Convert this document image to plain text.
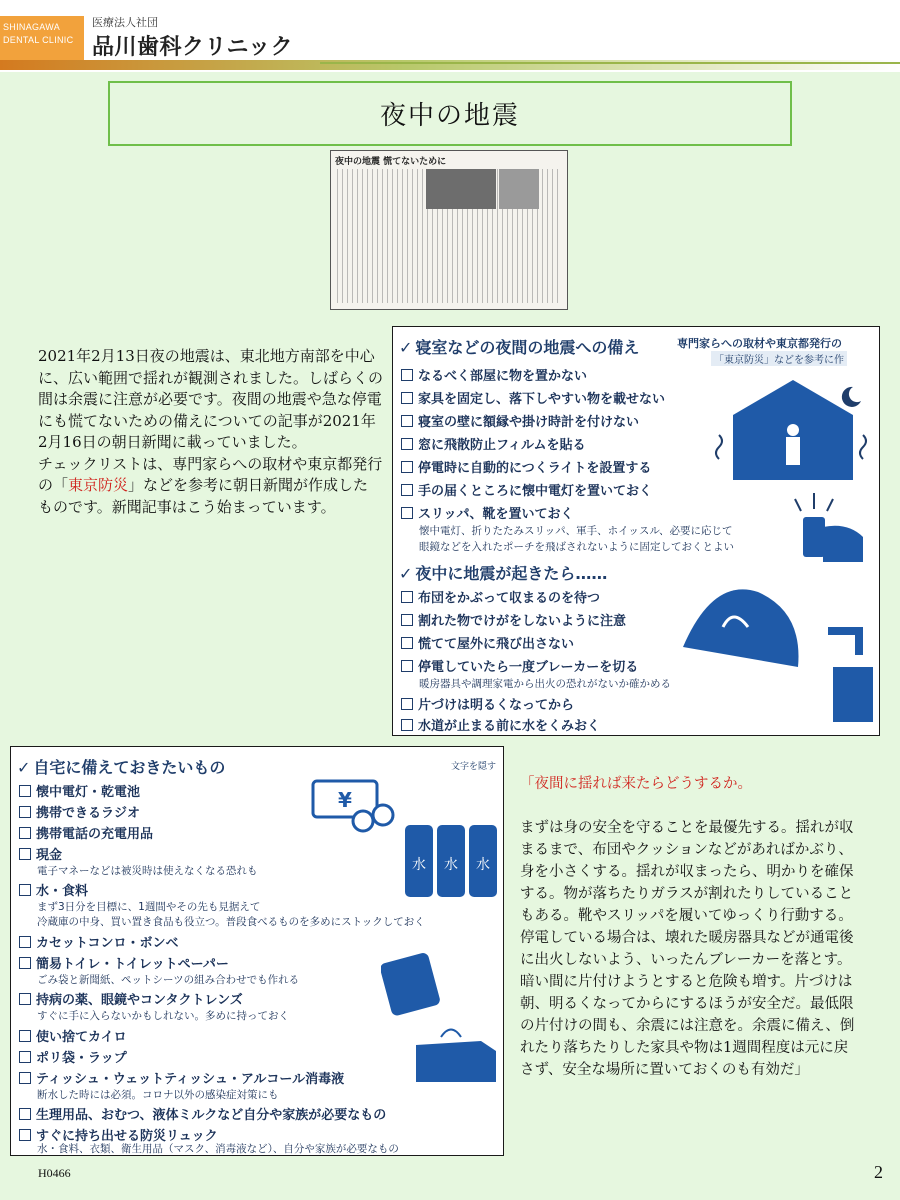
SHINAGAWA DENTAL CLINIC
医療法人社団
品川歯科クリニック
夜中の地震
夜中の地震 慌てないために

2021年2月13日夜の地震は、東北地方南部を中心に、広い範囲で揺れが観測されました。しばらくの間は余震に注意が必要です。夜間の地震や急な停電にも慌てないための備えについての記事が2021年2月16日の朝日新聞に載っていました。

チェックリストは、専門家らへの取材や東京都発行の「東京防災」などを参考に朝日新聞が作成したものです。新聞記事はこう始まっています。

✓ 寝室などの夜間の地震への備え	専門家らへの取材や東京都発行の
「東京防災」などを参考に作
なるべく部屋に物を置かない
家具を固定し、落下しやすい物を載せない
寝室の壁に額縁や掛け時計を付けない
窓に飛散防止フィルムを貼る
停電時に自動的につくライトを設置する
手の届くところに懐中電灯を置いておく
スリッパ、靴を置いておく
懐中電灯、折りたたみスリッパ、軍手、ホイッスル、必要に応じて
眼鏡などを入れたポーチを飛ばされないように固定しておくとよい
✓ 夜中に地震が起きたら……
布団をかぶって収まるのを待つ
割れた物でけがをしないように注意
慌てて屋外に飛び出さない
停電していたら一度ブレーカーを切る
暖房器具や調理家電から出火の恐れがないか確かめる
片づけは明るくなってから
水道が止まる前に水をくみおく
✓ 自宅に備えておきたいもの	文字を隠す
懐中電灯・乾電池
携帯できるラジオ
携帯電話の充電用品
現金
電子マネーなどは被災時は使えなくなる恐れも
水・食料
まず3日分を目標に、1週間やその先も見据えて
冷蔵庫の中身、買い置き食品も役立つ。普段食べるものを多めにストックしておく
カセットコンロ・ボンベ
簡易トイレ・トイレットペーパー
ごみ袋と新聞紙、ペットシーツの組み合わせでも作れる
持病の薬、眼鏡やコンタクトレンズ
すぐに手に入らないかもしれない。多めに持っておく
使い捨てカイロ
ポリ袋・ラップ
ティッシュ・ウェットティッシュ・アルコール消毒液
断水した時には必須。コロナ以外の感染症対策にも
生理用品、おむつ、液体ミルクなど自分や家族が必要なもの
すぐに持ち出せる防災リュック
水・食料、衣類、衛生用品（マスク、消毒液など）、自分や家族が必要なもの
¥
水 水 水

「夜間に揺れば来たらどうするか。

まずは身の安全を守ることを最優先する。揺れが収まるまで、布団やクッションなどがあればかぶり、身を小さくする。揺れが収まったら、明かりを確保する。物が落ちたりガラスが割れたりしていることもある。靴やスリッパを履いてゆっくり行動する。停電している場合は、壊れた暖房器具などが通電後に出火しないよう、いったんブレーカーを落とす。暗い間に片付けようとすると危険も増す。片づけは朝、明るくなってからにするほうが安全だ。最低限の片付けの間も、余震には注意を。余震に備え、倒れたり落ちたりした家具や物は1週間程度は元に戻さず、安全な場所に置いておくのも有効だ」

H0466	2
